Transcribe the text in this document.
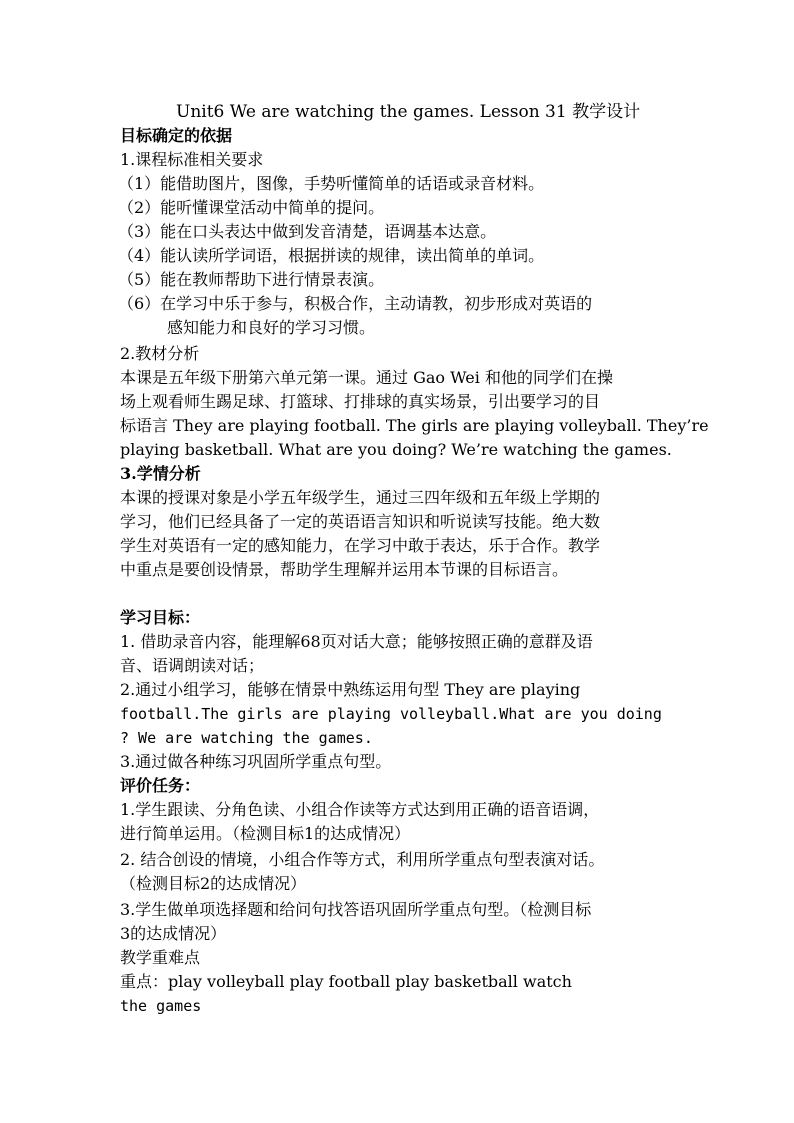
Unit6 We are watching the games. Lesson 31 教学设计
目标确定的依据
1.课程标准相关要求
（1）能借助图片，图像，手势听懂简单的话语或录音材料。
（2）能听懂课堂活动中简单的提问。
（3）能在口头表达中做到发音清楚，语调基本达意。
（4）能认读所学词语，根据拼读的规律，读出简单的单词。
（5）能在教师帮助下进行情景表演。
（6）在学习中乐于参与，积极合作，主动请教，初步形成对英语的
感知能力和良好的学习习惯。
2.教材分析
本课是五年级下册第六单元第一课。通过 Gao Wei 和他的同学们在操
场上观看师生踢足球、打篮球、打排球的真实场景，引出要学习的目
标语言 They are playing football. The girls are playing volleyball. They’re
playing basketball. What are you doing? We’re watching the games.
3.学情分析
本课的授课对象是小学五年级学生，通过三四年级和五年级上学期的
学习，他们已经具备了一定的英语语言知识和听说读写技能。绝大数
学生对英语有一定的感知能力，在学习中敢于表达，乐于合作。教学
中重点是要创设情景，帮助学生理解并运用本节课的目标语言。
学习目标：
1. 借助录音内容，能理解68页对话大意；能够按照正确的意群及语
音、语调朗读对话；
2.通过小组学习，能够在情景中熟练运用句型 They are playing
football.The girls are playing volleyball.What are you doing
? We are watching the games.
3.通过做各种练习巩固所学重点句型。
评价任务：
1.学生跟读、分角色读、小组合作读等方式达到用正确的语音语调，
进行简单运用。（检测目标1的达成情况）
2. 结合创设的情境，小组合作等方式，利用所学重点句型表演对话。
（检测目标2的达成情况）
3.学生做单项选择题和给问句找答语巩固所学重点句型。（检测目标
3的达成情况）
教学重难点
重点：play volleyball play football play basketball watch
the games
